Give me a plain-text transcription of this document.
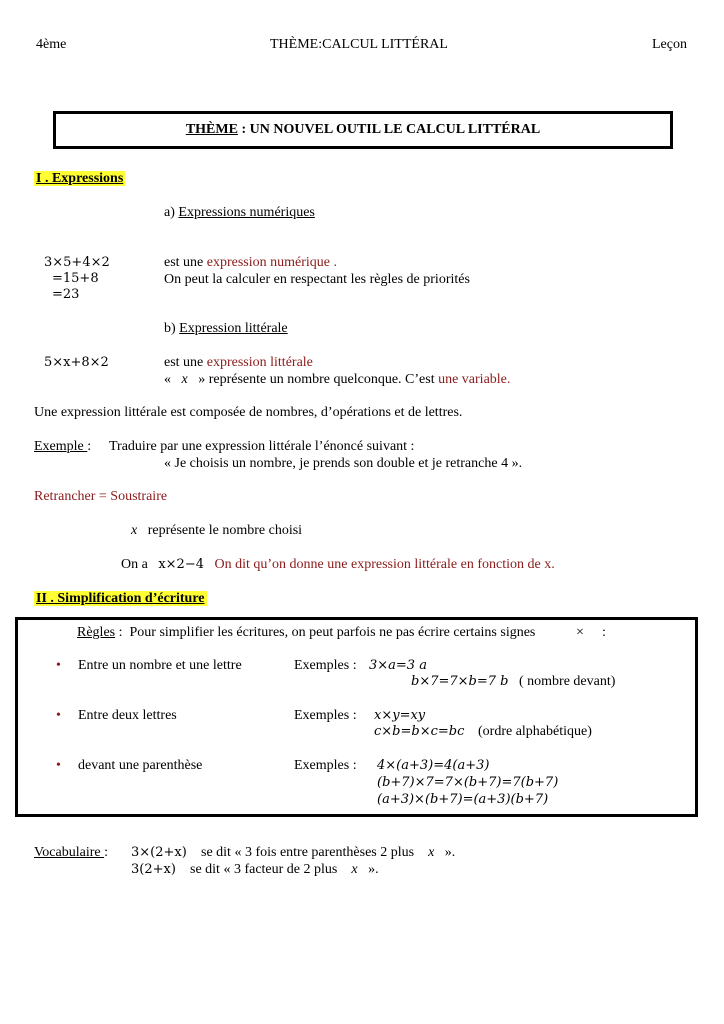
4ème	THÈME:CALCUL LITTÉRAL	Leçon
THÈME : UN NOUVEL OUTIL LE CALCUL LITTÉRAL
I . Expressions
a) Expressions numériques
3×5+4×2
=15+8
=23
est une expression numérique .
On peut la calculer en respectant les règles de priorités
b) Expression littérale
5×x+8×2	est une expression littérale
«   x   » représente un nombre quelconque. C’est une variable.
Une expression littérale est composée de nombres, d’opérations et de lettres.
Exemple : Traduire par une expression littérale l’énoncé suivant :
« Je choisis un nombre, je prends son double et je retranche 4 ».
Retrancher = Soustraire
x représente le nombre choisi
On a x×2−4 On dit qu’on donne une expression littérale en fonction de x.
II . Simplification d’écriture
Règles :  Pour simplifier les écritures, on peut parfois ne pas écrire certains signes	× :
• Entre un nombre et une lettre	Exemples : 3×a=3 a
b×7=7×b=7 b ( nombre devant)
• Entre deux lettres	Exemples : x×y=xy
c×b=b×c=bc (ordre alphabétique)
• devant une parenthèse	Exemples : 4×(a+3)=4(a+3)
(b+7)×7=7×(b+7)=7(b+7)
(a+3)×(b+7)=(a+3)(b+7)
Vocabulaire : 3×(2+x) se dit « 3 fois entre parenthèses 2 plus x ».
3(2+x) se dit « 3 facteur de 2 plus x ».
